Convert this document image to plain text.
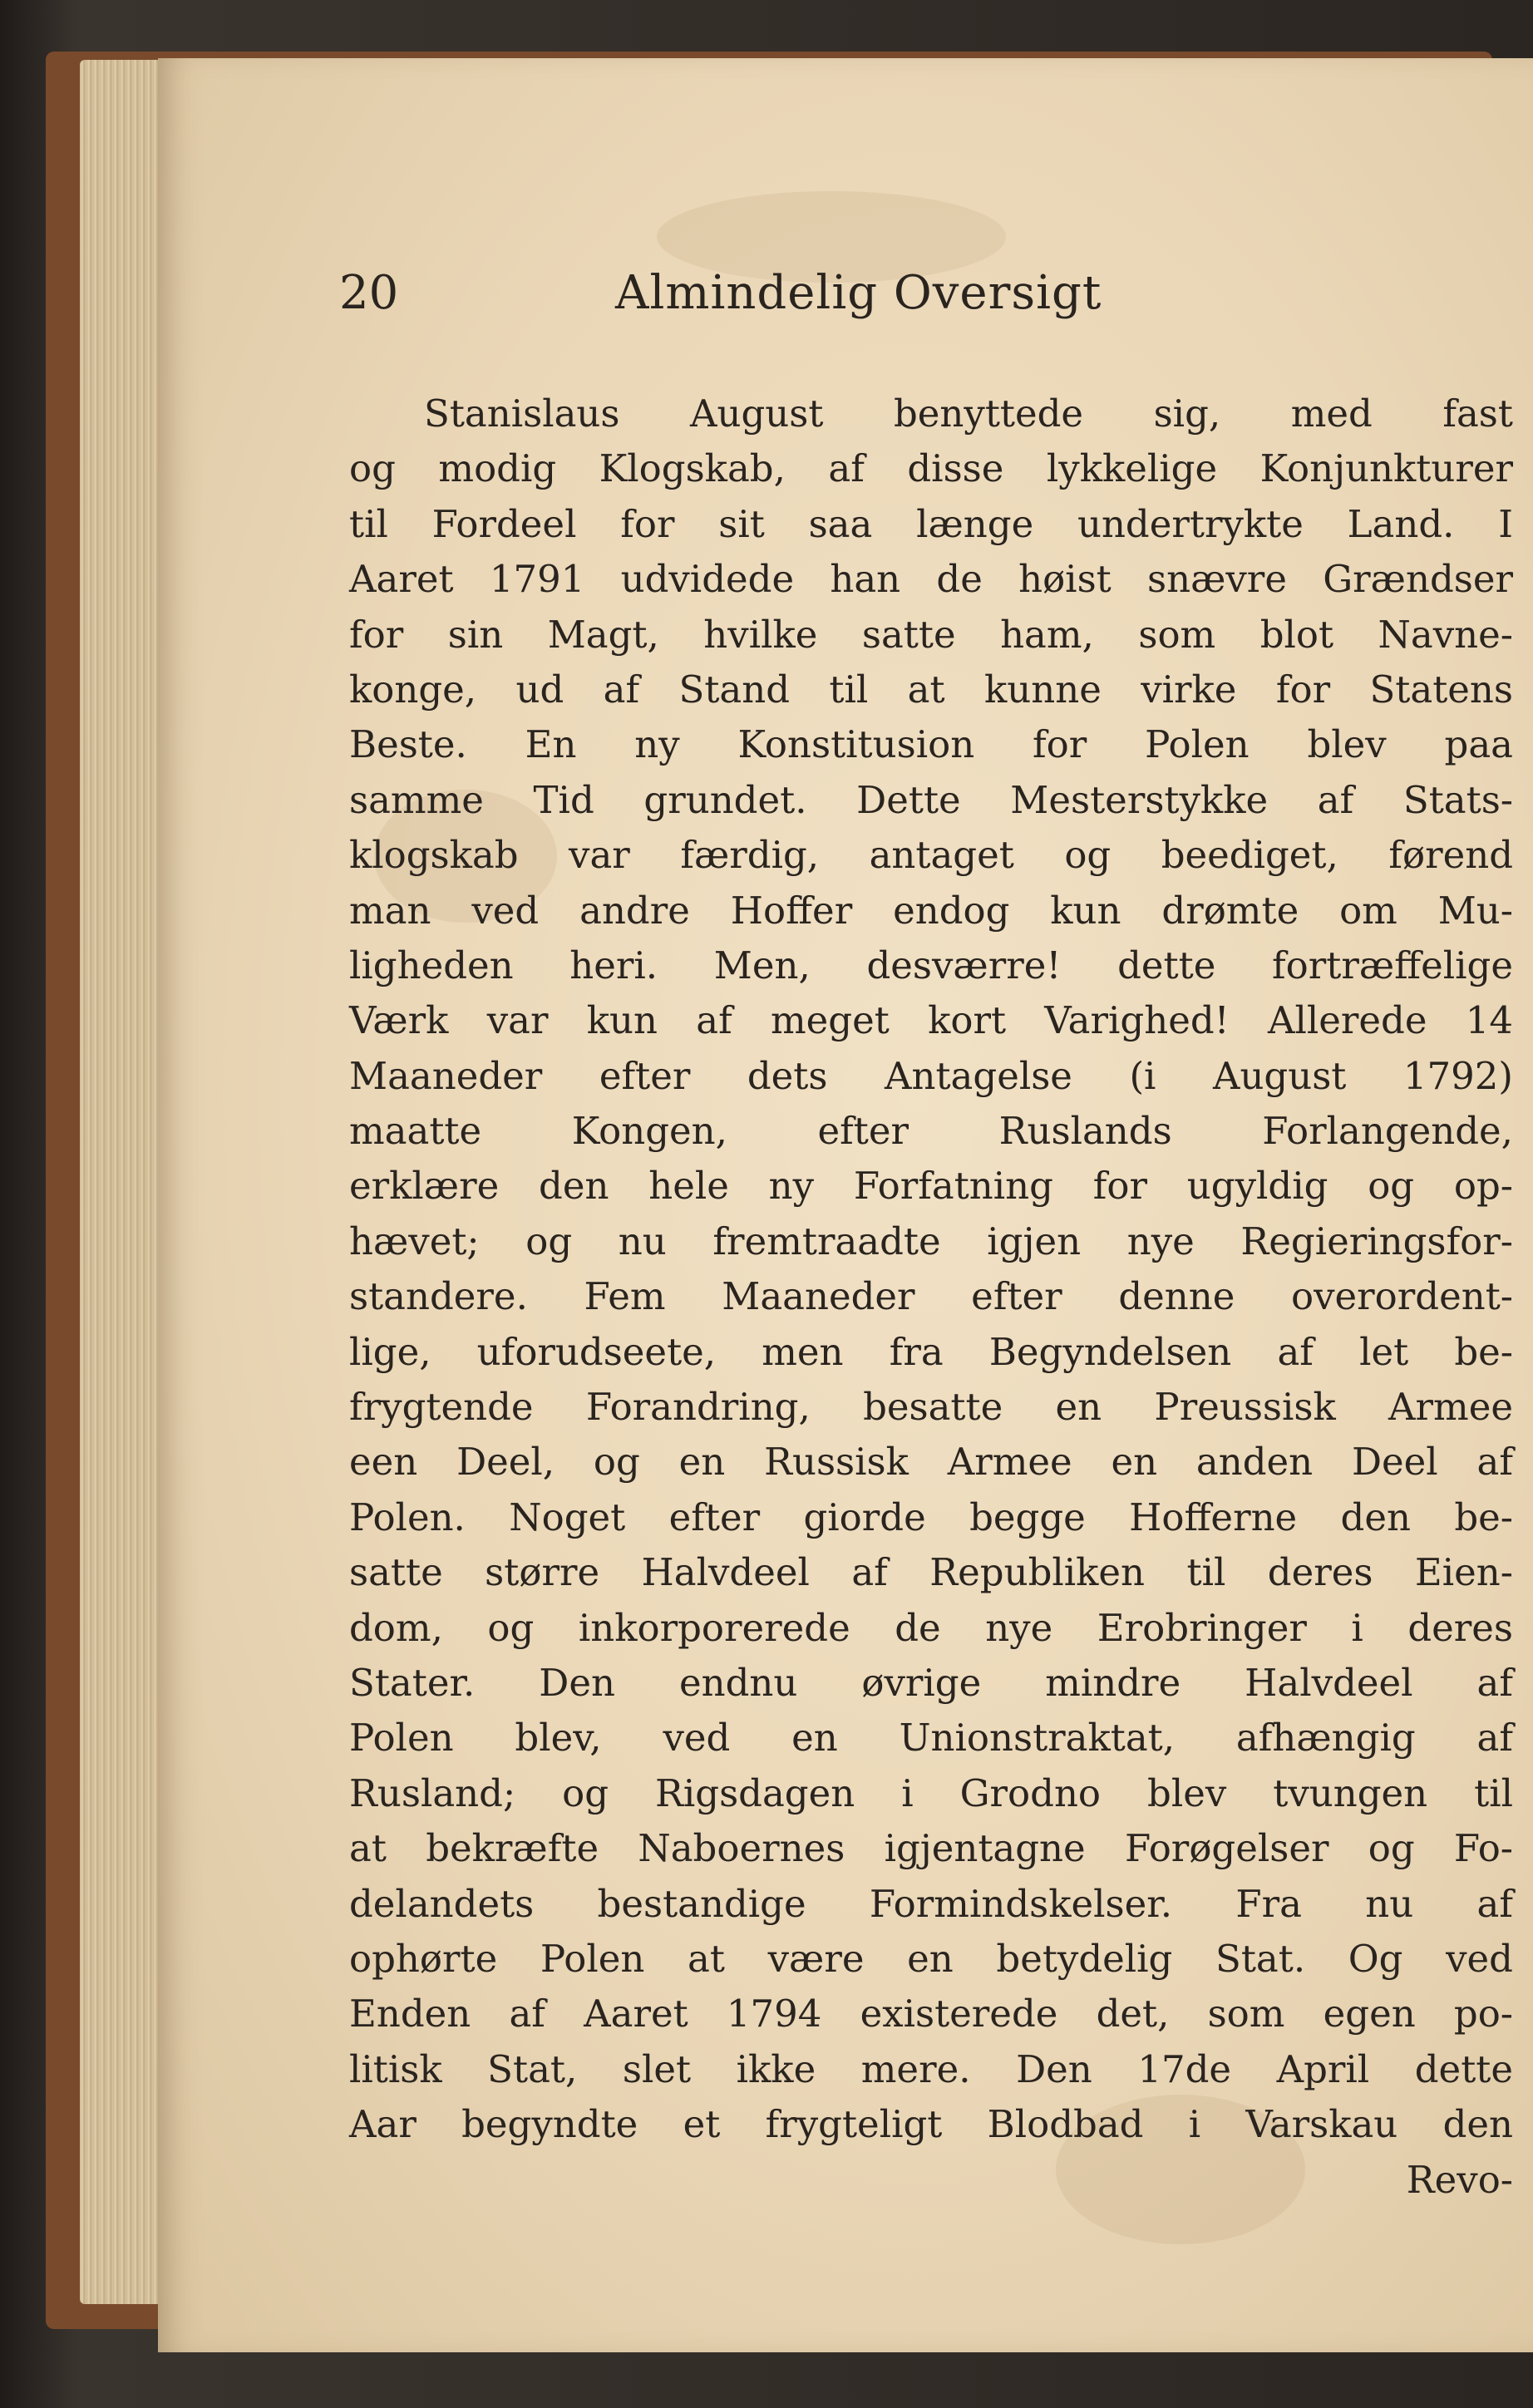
20	Almindelig Oversigt
Stanislaus August benyttede sig, med fast
og modig Klogskab, af disse lykkelige Konjunkturer
til Fordeel for sit saa længe undertrykte Land. I
Aaret 1791 udvidede han de høist snævre Grændser
for sin Magt, hvilke satte ham, som blot Navne-
konge, ud af Stand til at kunne virke for Statens
Beste. En ny Konstitusion for Polen blev paa
samme Tid grundet. Dette Mesterstykke af Stats-
klogskab var færdig, antaget og beediget, førend
man ved andre Hoffer endog kun drømte om Mu-
ligheden heri. Men, desværre! dette fortræffelige
Værk var kun af meget kort Varighed! Allerede 14
Maaneder efter dets Antagelse (i August 1792)
maatte Kongen, efter Ruslands Forlangende,
erklære den hele ny Forfatning for ugyldig og op-
hævet; og nu fremtraadte igjen nye Regieringsfor-
standere. Fem Maaneder efter denne overordent-
lige, uforudseete, men fra Begyndelsen af let be-
frygtende Forandring, besatte en Preussisk Armee
een Deel, og en Russisk Armee en anden Deel af
Polen. Noget efter giorde begge Hofferne den be-
satte større Halvdeel af Republiken til deres Eien-
dom, og inkorporerede de nye Erobringer i deres
Stater. Den endnu øvrige mindre Halvdeel af
Polen blev, ved en Unionstraktat, afhængig af
Rusland; og Rigsdagen i Grodno blev tvungen til
at bekræfte Naboernes igjentagne Forøgelser og Fo-
delandets bestandige Formindskelser. Fra nu af
ophørte Polen at være en betydelig Stat. Og ved
Enden af Aaret 1794 existerede det, som egen po-
litisk Stat, slet ikke mere. Den 17de April dette
Aar begyndte et frygteligt Blodbad i Varskau den
Revo-
